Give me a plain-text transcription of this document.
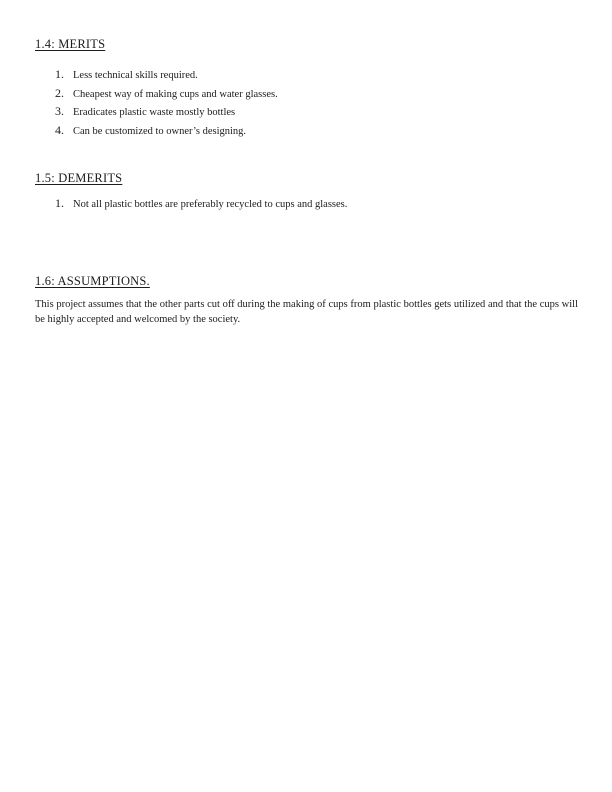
1.4: MERITS
1. Less technical skills required.
2. Cheapest way of making cups and water glasses.
3. Eradicates plastic waste mostly bottles
4. Can be customized to owner’s designing.
1.5: DEMERITS
1. Not all plastic bottles are preferably recycled to cups and glasses.
1.6: ASSUMPTIONS.

This project assumes that the other parts cut off during the making of cups from plastic bottles gets utilized and that the cups will be highly accepted and welcomed by the society.
